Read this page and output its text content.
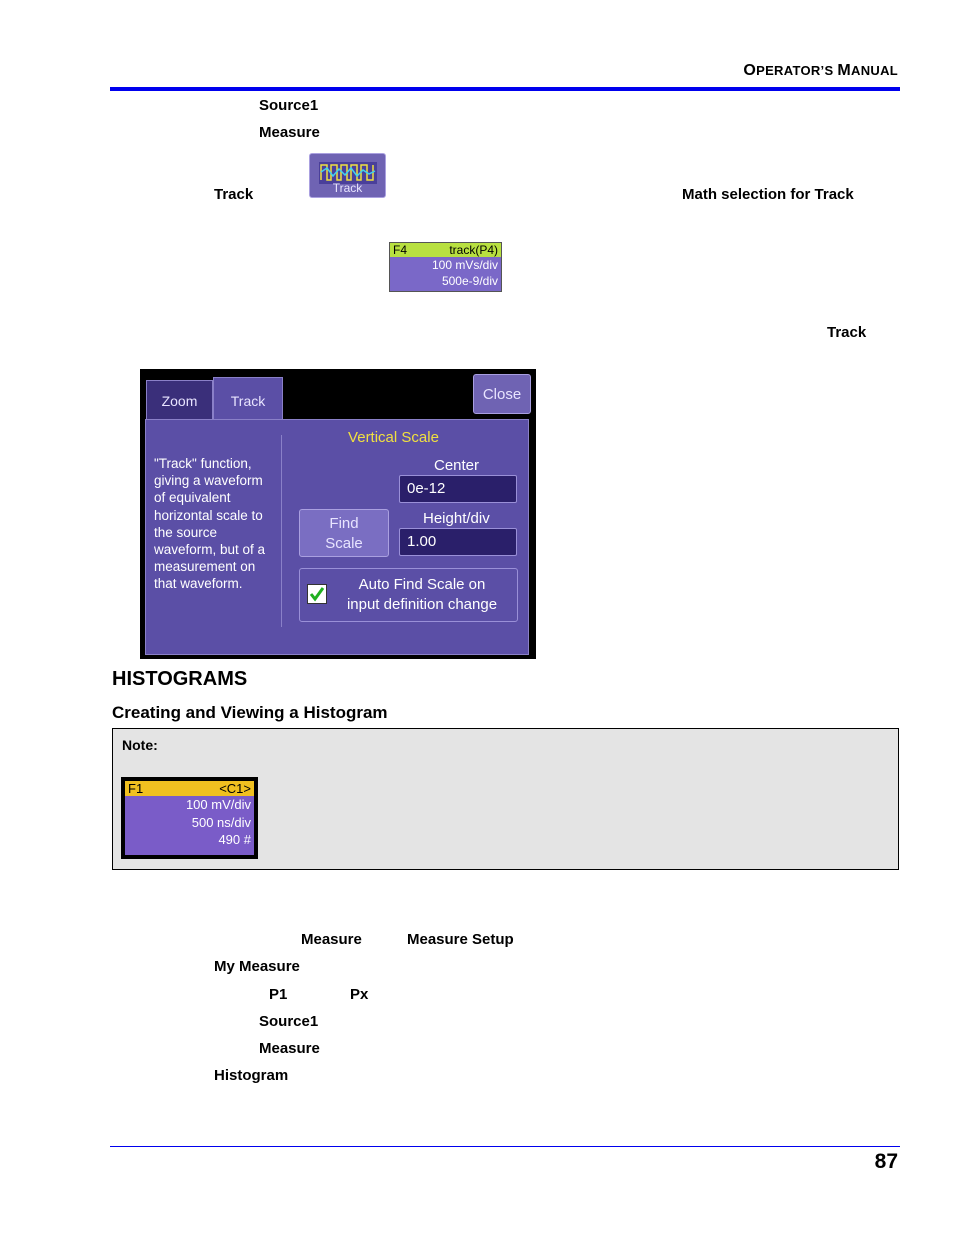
OPERATOR’S MANUAL
Source1
Measure
Track	Track	Math selection for Track
F4	track(P4)
100 mVs/div
500e-9/div
Track
Zoom	Track	Close
"Track" function, giving a waveform of equivalent horizontal scale to the source waveform, but of a measurement on that waveform.
Vertical Scale
Center
0e-12
Find
Scale
Height/div
1.00
Auto Find Scale on
input definition change
HISTOGRAMS
Creating and Viewing a Histogram
Note:
F1	<C1>
100 mV/div
500 ns/div
490 #
Measure	Measure Setup
My Measure
P1	Px
Source1
Measure
Histogram
87
